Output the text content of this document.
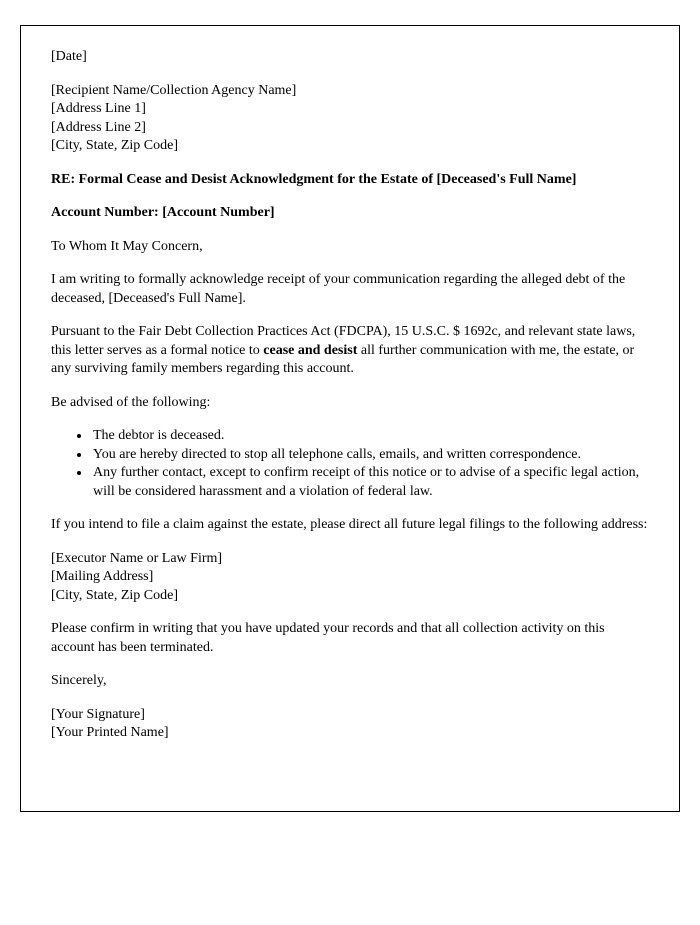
[Date]

[Recipient Name/Collection Agency Name]
[Address Line 1]
[Address Line 2]
[City, State, Zip Code]

RE: Formal Cease and Desist Acknowledgment for the Estate of [Deceased's Full Name]

Account Number: [Account Number]

To Whom It May Concern,

I am writing to formally acknowledge receipt of your communication regarding the alleged debt of the deceased, [Deceased's Full Name].

Pursuant to the Fair Debt Collection Practices Act (FDCPA), 15 U.S.C. $ 1692c, and relevant state laws, this letter serves as a formal notice to cease and desist all further communication with me, the estate, or any surviving family members regarding this account.

Be advised of the following:

• The debtor is deceased.
• You are hereby directed to stop all telephone calls, emails, and written correspondence.
• Any further contact, except to confirm receipt of this notice or to advise of a specific legal action, will be considered harassment and a violation of federal law.

If you intend to file a claim against the estate, please direct all future legal filings to the following address:

[Executor Name or Law Firm]
[Mailing Address]
[City, State, Zip Code]

Please confirm in writing that you have updated your records and that all collection activity on this account has been terminated.

Sincerely,

[Your Signature]
[Your Printed Name]
